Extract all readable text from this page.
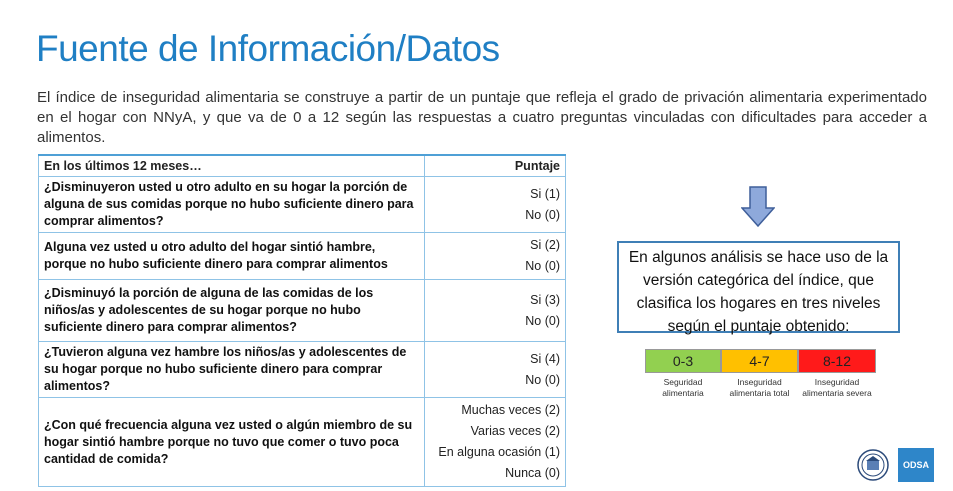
Fuente de Información/Datos
El índice de inseguridad alimentaria se construye a partir de un puntaje que refleja el grado de privación alimentaria experimentado en el hogar con NNyA, y que va de 0 a 12 según las respuestas a cuatro preguntas vinculadas con dificultades para acceder a alimentos.
En los últimos 12 meses…	Puntaje
¿Disminuyeron usted u otro adulto en su hogar la porción de alguna de sus comidas porque no hubo suficiente dinero para comprar alimentos?	Si (1)
No (0)

Alguna vez usted u otro adulto del hogar sintió hambre, porque no hubo suficiente dinero para comprar alimentos	Si (2)
No (0)

¿Disminuyó la porción de alguna de las comidas de los niños/as y adolescentes de su hogar porque no hubo suficiente dinero para comprar alimentos?	Si (3)
No (0)

¿Tuvieron alguna vez hambre los niños/as y adolescentes de su hogar porque no hubo suficiente dinero para comprar alimentos?	Si (4)
No (0)

¿Con qué frecuencia alguna vez usted o algún miembro de su hogar sintió hambre porque no tuvo que comer o tuvo poca cantidad de comida?	Muchas veces (2)
Varias veces (2)
En alguna ocasión (1)
Nunca (0)
En algunos análisis se hace uso de la versión categórica del índice, que clasifica los hogares en tres niveles según el puntaje obtenido:
0-3	4-7	8-12
Seguridad alimentaria
Inseguridad alimentaria total
Inseguridad alimentaria severa
ODSA
